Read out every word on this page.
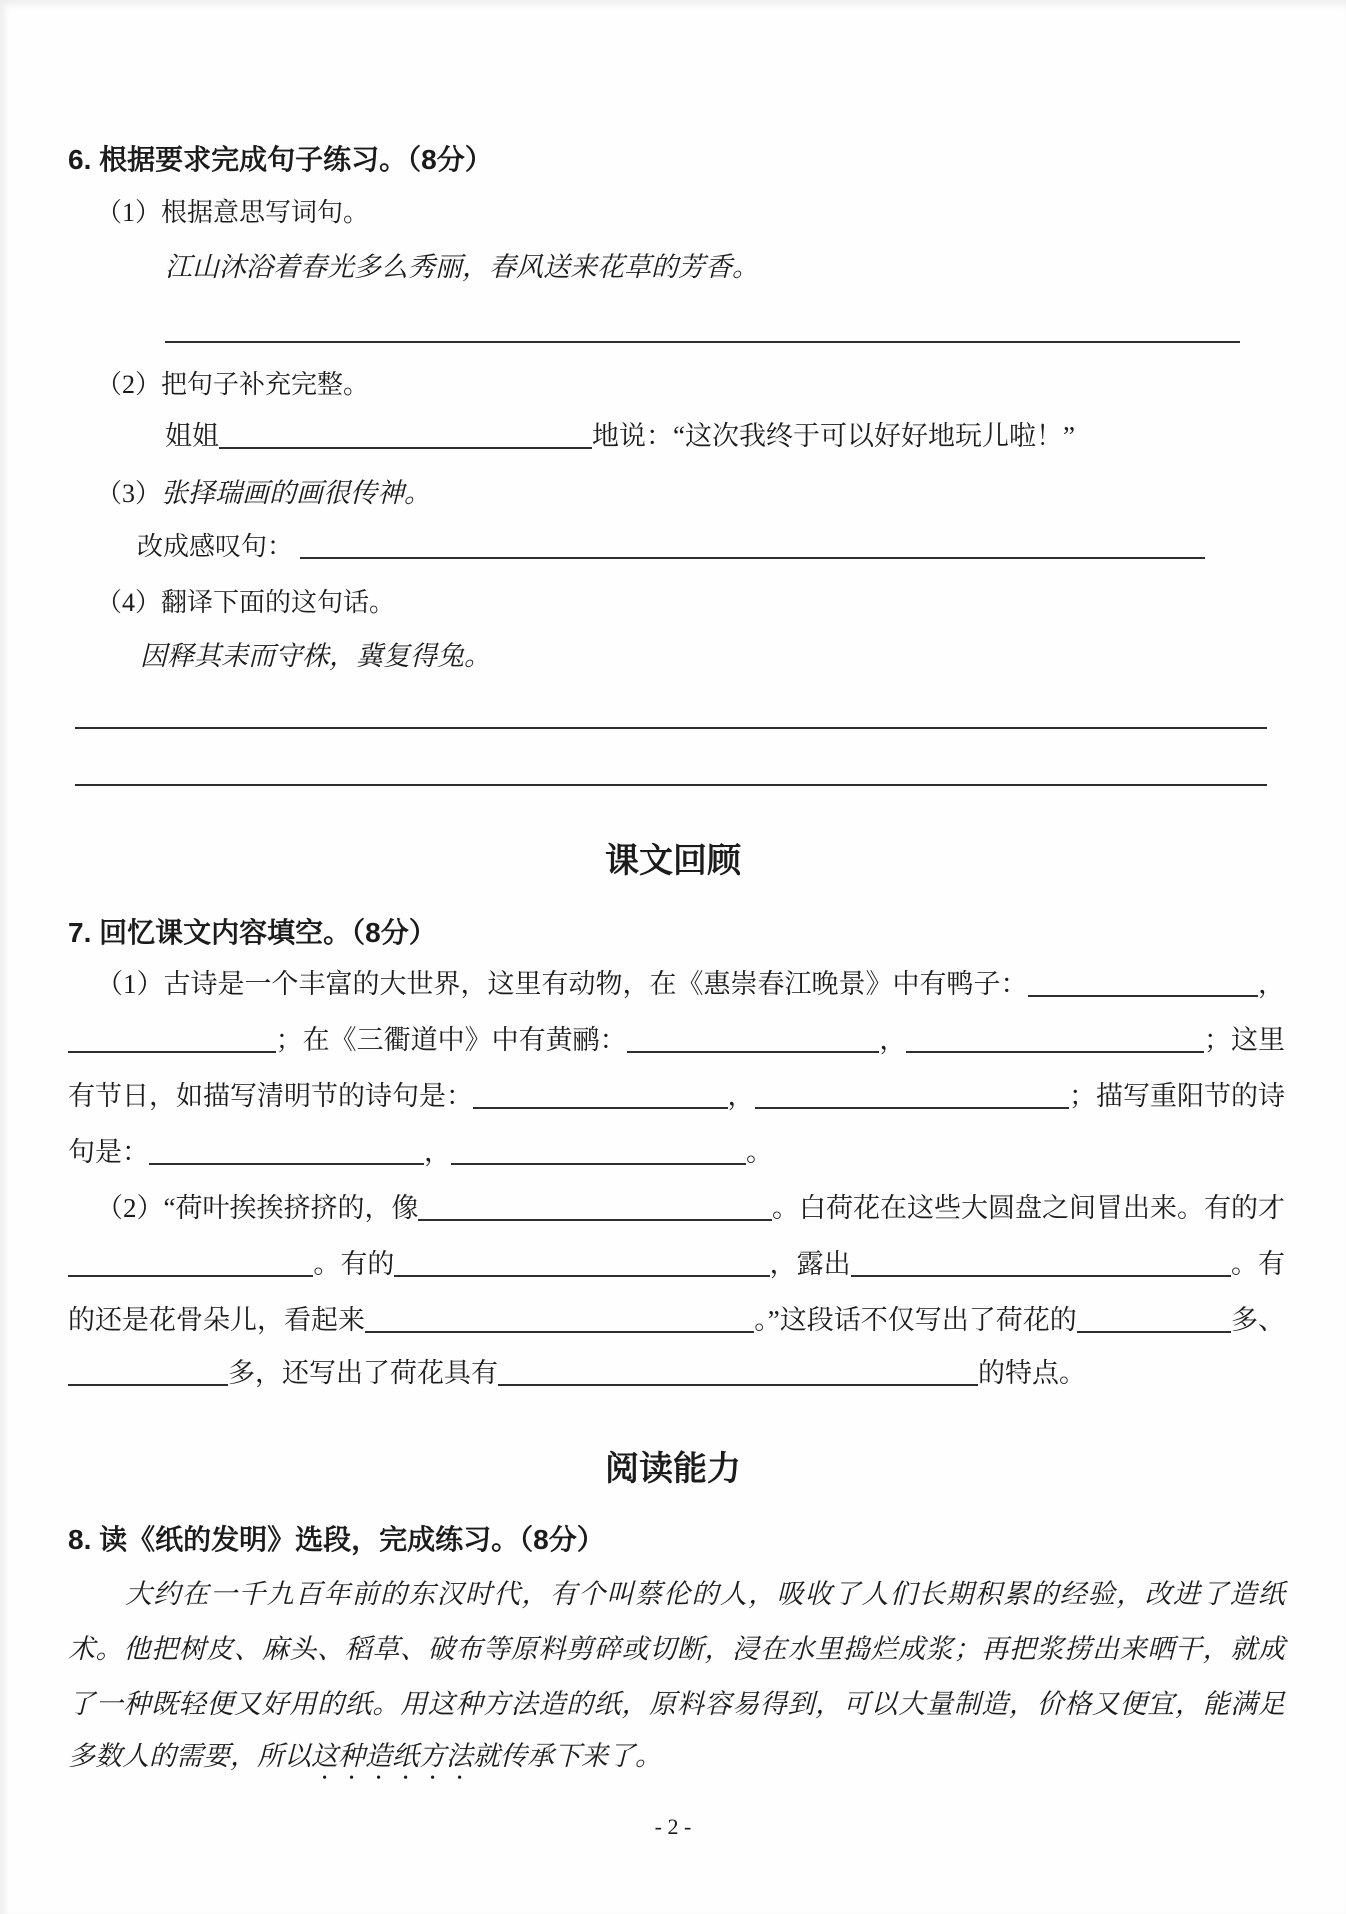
6. 根据要求完成句子练习。（8分）
（1）根据意思写词句。
江山沐浴着春光多么秀丽，春风送来花草的芳香。
（2）把句子补充完整。
姐姐	地说：“这次我终于可以好好地玩儿啦！”
（3）张择瑞画的画很传神。
改成感叹句：
（4）翻译下面的这句话。
因释其耒而守株，冀复得兔。
课文回顾
7. 回忆课文内容填空。（8分）
（1）古诗是一个丰富的大世界，这里有动物，在《惠崇春江晚景》中有鸭子：	，
；在《三衢道中》中有黄鹂：	，	；这里
有节日，如描写清明节的诗句是：	，	；描写重阳节的诗
句是：	，	。
（2）“荷叶挨挨挤挤的，像	。白荷花在这些大圆盘之间冒出来。有的才
。有的	，露出	。有
的还是花骨朵儿，看起来	。”这段话不仅写出了荷花的	多、
多，还写出了荷花具有	的特点。
阅读能力
8. 读《纸的发明》选段，完成练习。（8分）
大约在一千九百年前的东汉时代，有个叫蔡伦的人，吸收了人们长期积累的经验，改进了造纸
术。他把树皮、麻头、稻草、破布等原料剪碎或切断，浸在水里捣烂成浆；再把浆捞出来晒干，就成
了一种既轻便又好用的纸。用这种方法造的纸，原料容易得到，可以大量制造，价格又便宜，能满足
多数人的需要，所以这种造纸方法就传承下来了。
- 2 -
